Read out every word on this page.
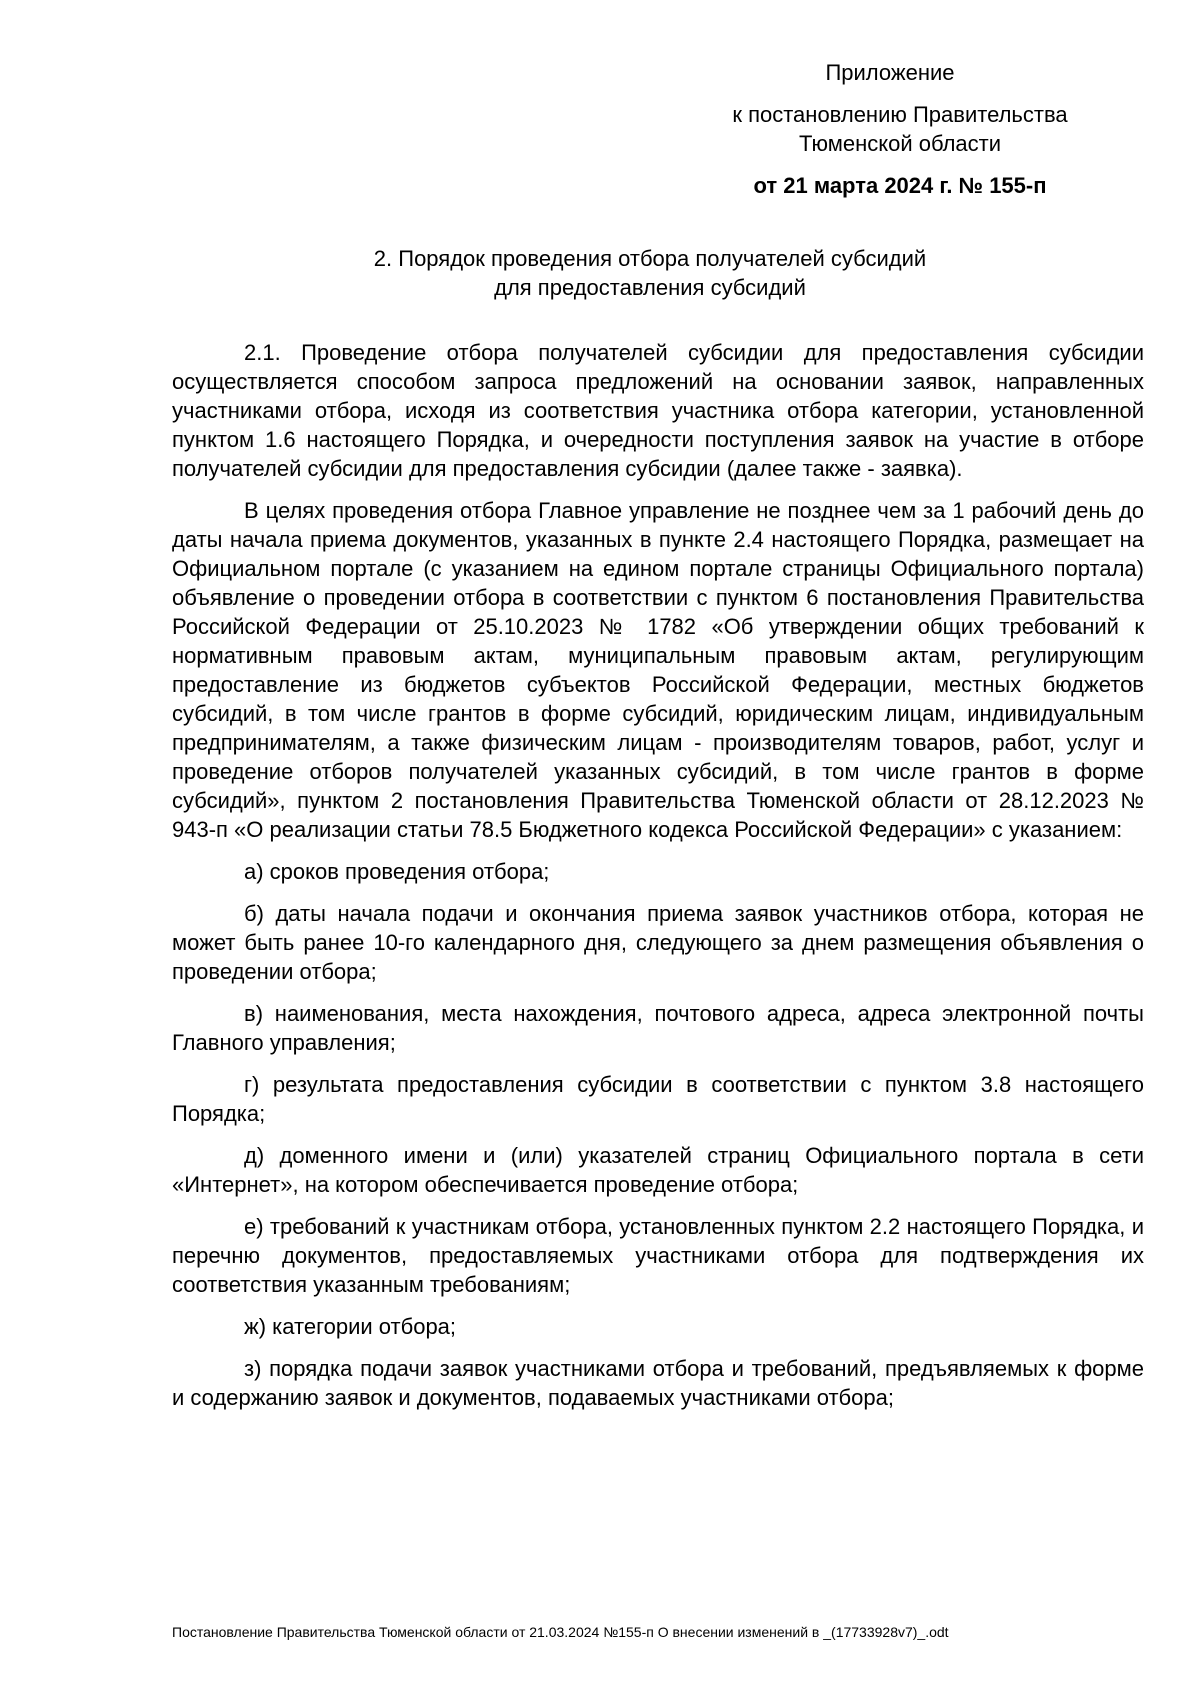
Приложение
к постановлению Правительства
Тюменской области
от 21 марта 2024 г. № 155-п
2. Порядок проведения отбора получателей субсидий
для предоставления субсидий

2.1. Проведение отбора получателей субсидии для предоставления субсидии осуществляется способом запроса предложений на основании заявок, направленных участниками отбора, исходя из соответствия участника отбора категории, установленной пунктом 1.6 настоящего Порядка, и очередности поступления заявок на участие в отборе получателей субсидии для предоставления субсидии (далее также - заявка).

В целях проведения отбора Главное управление не позднее чем за 1 рабочий день до даты начала приема документов, указанных в пункте 2.4 настоящего Порядка, размещает на Официальном портале (с указанием на едином портале страницы Официального портала) объявление о проведении отбора в соответствии с пунктом 6 постановления Правительства Российской Федерации от 25.10.2023 № 1782 «Об утверждении общих требований к нормативным правовым актам, муниципальным правовым актам, регулирующим предоставление из бюджетов субъектов Российской Федерации, местных бюджетов субсидий, в том числе грантов в форме субсидий, юридическим лицам, индивидуальным предпринимателям, а также физическим лицам - производителям товаров, работ, услуг и проведение отборов получателей указанных субсидий, в том числе грантов в форме субсидий», пунктом 2 постановления Правительства Тюменской области от 28.12.2023 № 943-п «О реализации статьи 78.5 Бюджетного кодекса Российской Федерации» с указанием:

а) сроков проведения отбора;

б) даты начала подачи и окончания приема заявок участников отбора, которая не может быть ранее 10-го календарного дня, следующего за днем размещения объявления о проведении отбора;

в) наименования, места нахождения, почтового адреса, адреса электронной почты Главного управления;

г) результата предоставления субсидии в соответствии с пунктом 3.8 настоящего Порядка;

д) доменного имени и (или) указателей страниц Официального портала в сети «Интернет», на котором обеспечивается проведение отбора;

е) требований к участникам отбора, установленных пунктом 2.2 настоящего Порядка, и перечню документов, предоставляемых участниками отбора для подтверждения их соответствия указанным требованиям;

ж) категории отбора;

з) порядка подачи заявок участниками отбора и требований, предъявляемых к форме и содержанию заявок и документов, подаваемых участниками отбора;

Постановление Правительства Тюменской области от 21.03.2024 №155-п О внесении изменений в _(17733928v7)_.odt
